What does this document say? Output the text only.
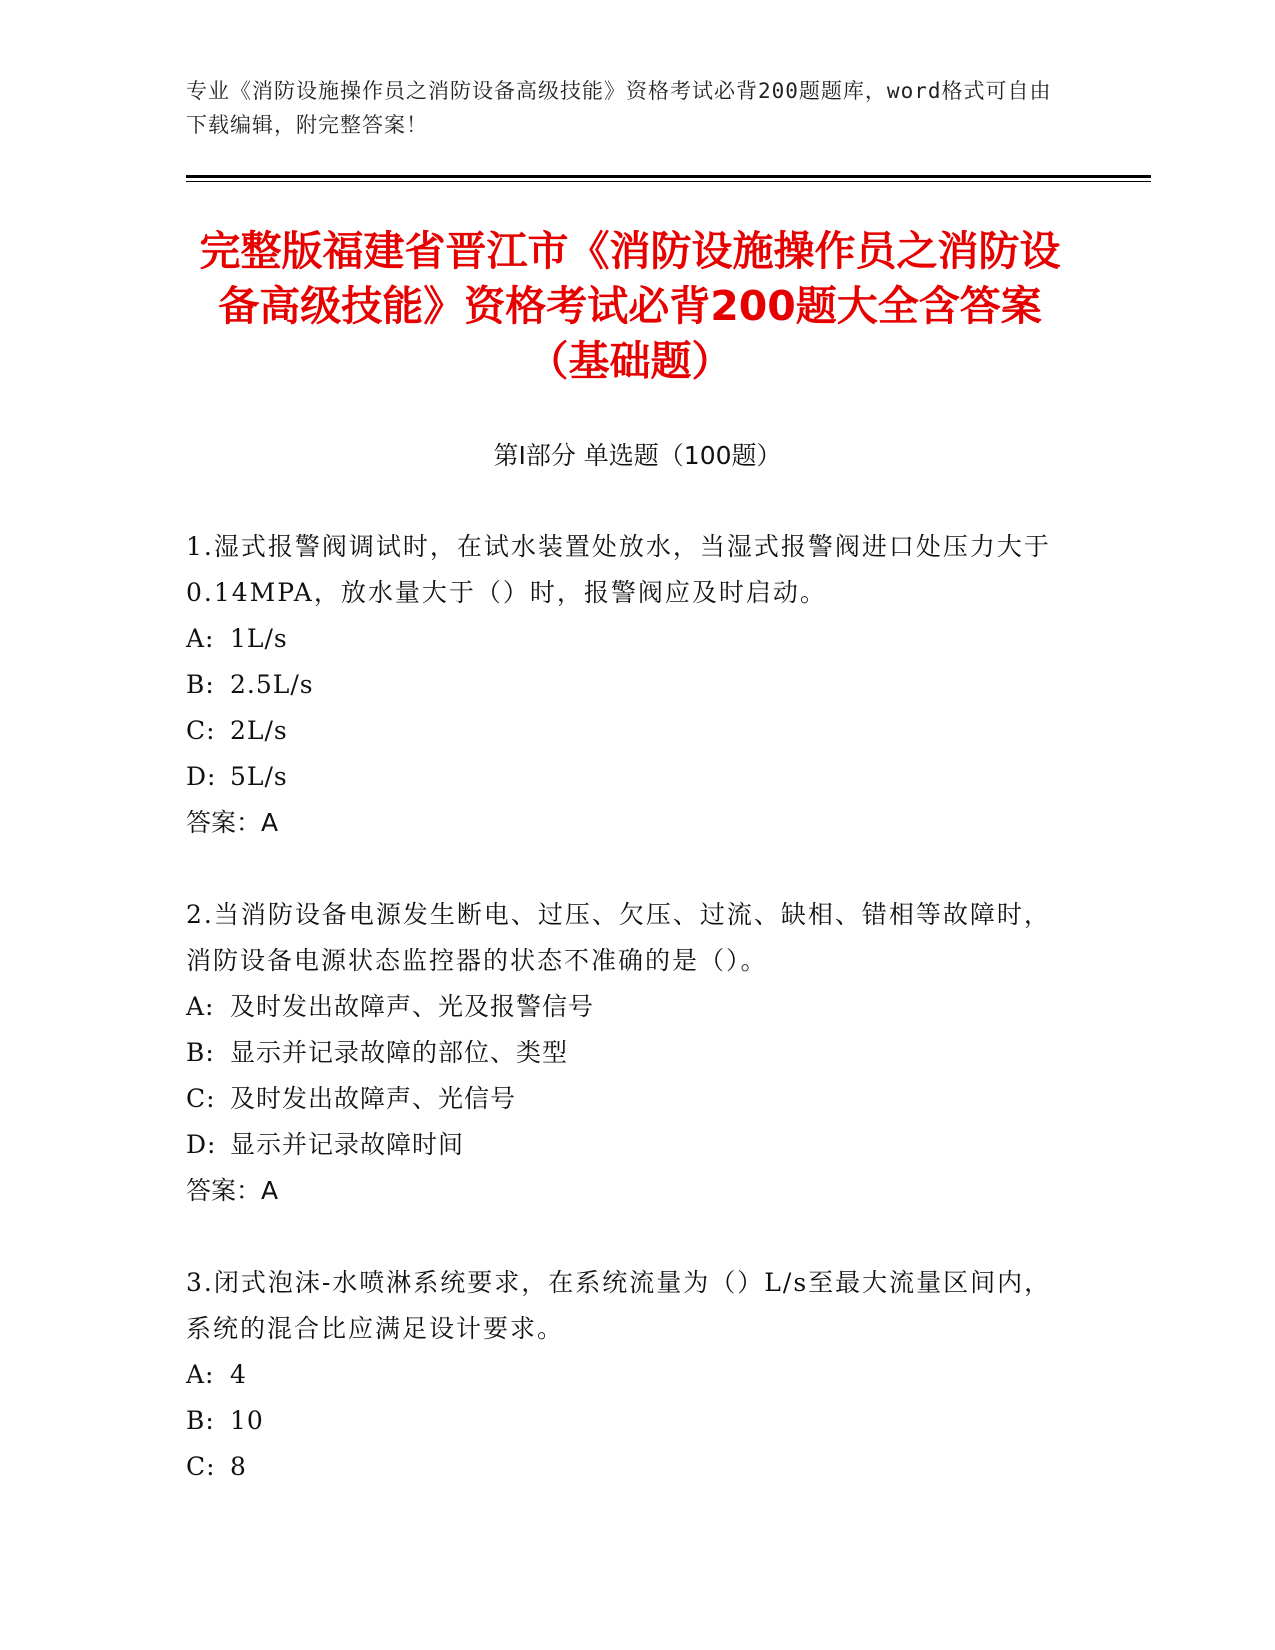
专业《消防设施操作员之消防设备高级技能》资格考试必背200题题库，word格式可自由下载编辑，附完整答案！
完整版福建省晋江市《消防设施操作员之消防设备高级技能》资格考试必背200题大全含答案（基础题）
第Ⅰ部分 单选题（100题）
1.湿式报警阀调试时，在试水装置处放水，当湿式报警阀进口处压力大于0.14MPA，放水量大于（）时，报警阀应及时启动。
A: 1L/s
B: 2.5L/s
C: 2L/s
D: 5L/s
答案：A
2.当消防设备电源发生断电、过压、欠压、过流、缺相、错相等故障时，消防设备电源状态监控器的状态不准确的是（）。
A: 及时发出故障声、光及报警信号
B: 显示并记录故障的部位、类型
C: 及时发出故障声、光信号
D: 显示并记录故障时间
答案：A
3.闭式泡沫-水喷淋系统要求，在系统流量为（）L/s至最大流量区间内，系统的混合比应满足设计要求。
A: 4
B: 10
C: 8
